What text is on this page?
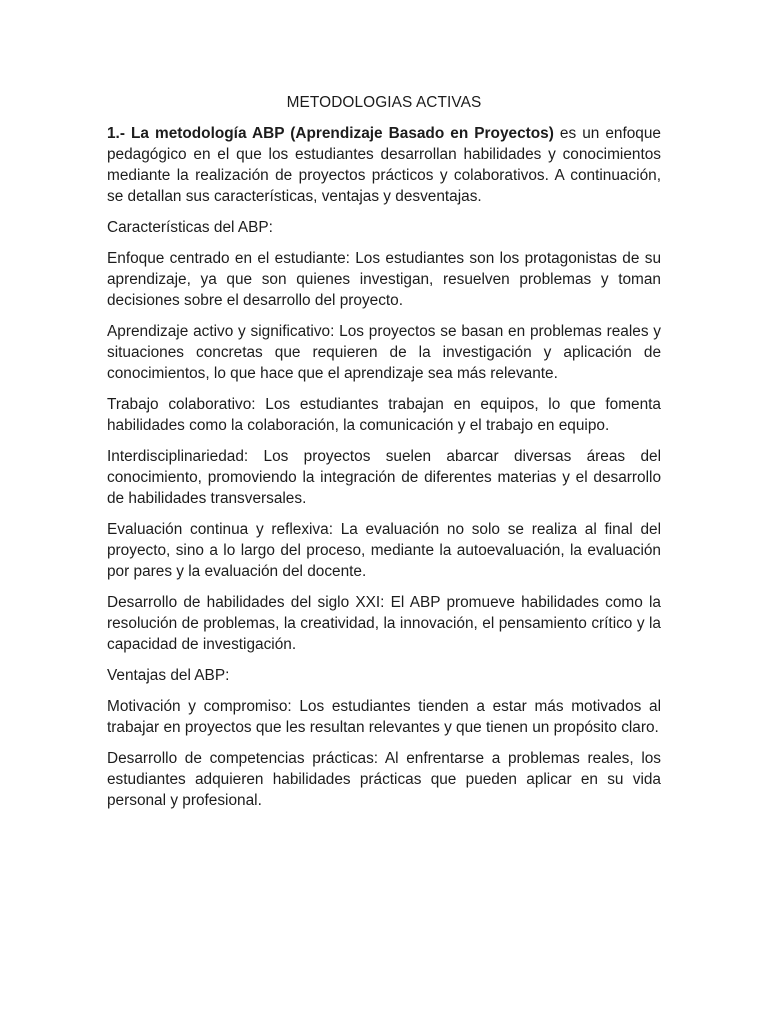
METODOLOGIAS ACTIVAS

1.- La metodología ABP (Aprendizaje Basado en Proyectos) es un enfoque pedagógico en el que los estudiantes desarrollan habilidades y conocimientos mediante la realización de proyectos prácticos y colaborativos. A continuación, se detallan sus características, ventajas y desventajas.

Características del ABP:

Enfoque centrado en el estudiante: Los estudiantes son los protagonistas de su aprendizaje, ya que son quienes investigan, resuelven problemas y toman decisiones sobre el desarrollo del proyecto.

Aprendizaje activo y significativo: Los proyectos se basan en problemas reales y situaciones concretas que requieren de la investigación y aplicación de conocimientos, lo que hace que el aprendizaje sea más relevante.

Trabajo colaborativo: Los estudiantes trabajan en equipos, lo que fomenta habilidades como la colaboración, la comunicación y el trabajo en equipo.

Interdisciplinariedad: Los proyectos suelen abarcar diversas áreas del conocimiento, promoviendo la integración de diferentes materias y el desarrollo de habilidades transversales.

Evaluación continua y reflexiva: La evaluación no solo se realiza al final del proyecto, sino a lo largo del proceso, mediante la autoevaluación, la evaluación por pares y la evaluación del docente.

Desarrollo de habilidades del siglo XXI: El ABP promueve habilidades como la resolución de problemas, la creatividad, la innovación, el pensamiento crítico y la capacidad de investigación.

Ventajas del ABP:

Motivación y compromiso: Los estudiantes tienden a estar más motivados al trabajar en proyectos que les resultan relevantes y que tienen un propósito claro.

Desarrollo de competencias prácticas: Al enfrentarse a problemas reales, los estudiantes adquieren habilidades prácticas que pueden aplicar en su vida personal y profesional.
